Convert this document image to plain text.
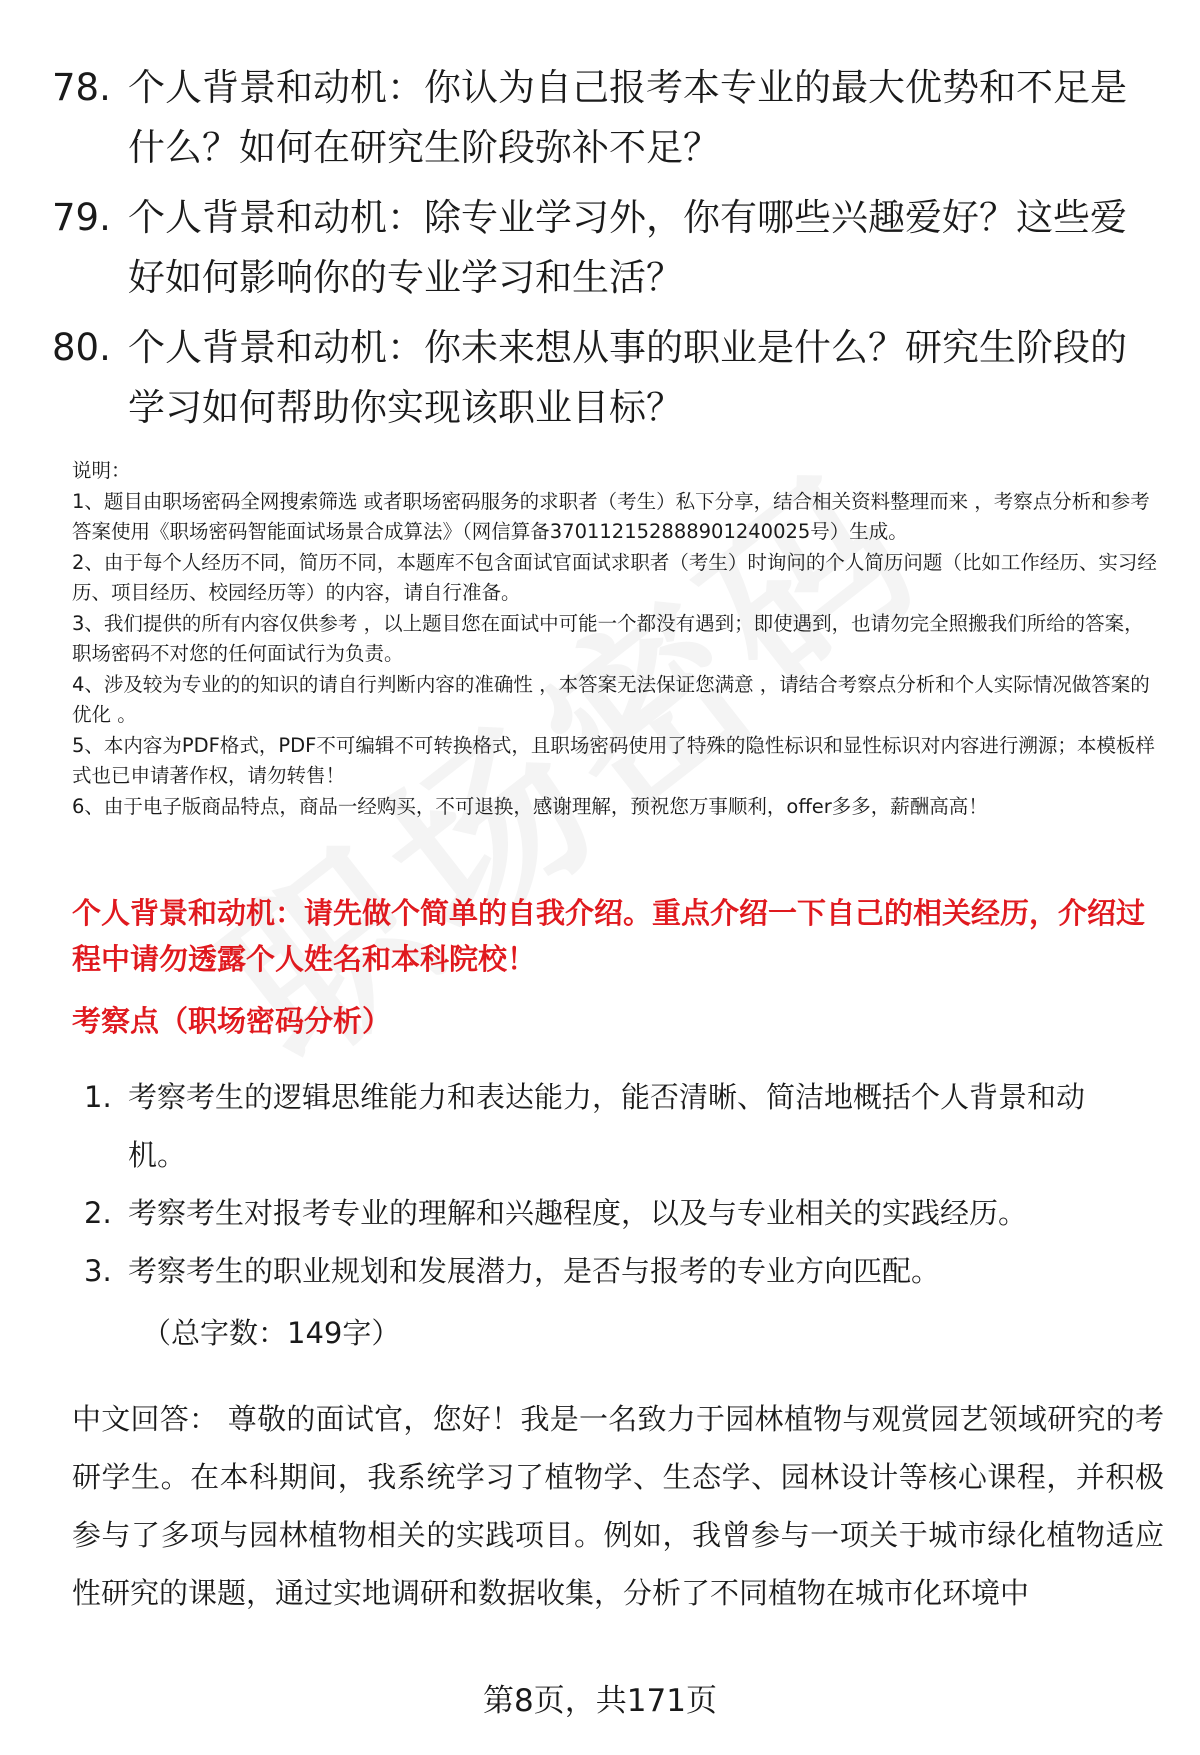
78. 个人背景和动机：你认为自己报考本专业的最大优势和不足是什么？如何在研究生阶段弥补不足？
79. 个人背景和动机：除专业学习外，你有哪些兴趣爱好？这些爱好如何影响你的专业学习和生活？
80. 个人背景和动机：你未来想从事的职业是什么？研究生阶段的学习如何帮助你实现该职业目标？

说明：

1、题目由职场密码全网搜索筛选 或者职场密码服务的求职者（考生）私下分享，结合相关资料整理而来 ，考察点分析和参考答案使用《职场密码智能面试场景合成算法》（网信算备370112152888901240025号）生成。

2、由于每个人经历不同，简历不同，本题库不包含面试官面试求职者（考生）时询问的个人简历问题（比如工作经历、实习经历、项目经历、校园经历等）的内容，请自行准备。

3、我们提供的所有内容仅供参考 ，以上题目您在面试中可能一个都没有遇到；即使遇到，也请勿完全照搬我们所给的答案，职场密码不对您的任何面试行为负责。

4、涉及较为专业的的知识的请自行判断内容的准确性 ，本答案无法保证您满意 ，请结合考察点分析和个人实际情况做答案的优化 。

5、本内容为PDF格式，PDF不可编辑不可转换格式，且职场密码使用了特殊的隐性标识和显性标识对内容进行溯源；本模板样式也已申请著作权，请勿转售！

6、由于电子版商品特点，商品一经购买，不可退换，感谢理解，预祝您万事顺利，offer多多，薪酬高高！

个人背景和动机：请先做个简单的自我介绍。重点介绍一下自己的相关经历，介绍过程中请勿透露个人姓名和本科院校！
考察点（职场密码分析）
1. 考察考生的逻辑思维能力和表达能力，能否清晰、简洁地概括个人背景和动机。
2. 考察考生对报考专业的理解和兴趣程度，以及与专业相关的实践经历。
3. 考察考生的职业规划和发展潜力，是否与报考的专业方向匹配。
（总字数：149字）
中文回答： 尊敬的面试官，您好！我是一名致力于园林植物与观赏园艺领域研究的考研学生。在本科期间，我系统学习了植物学、生态学、园林设计等核心课程，并积极参与了多项与园林植物相关的实践项目。例如，我曾参与一项关于城市绿化植物适应性研究的课题，通过实地调研和数据收集，分析了不同植物在城市化环境中
第8页，共171页
